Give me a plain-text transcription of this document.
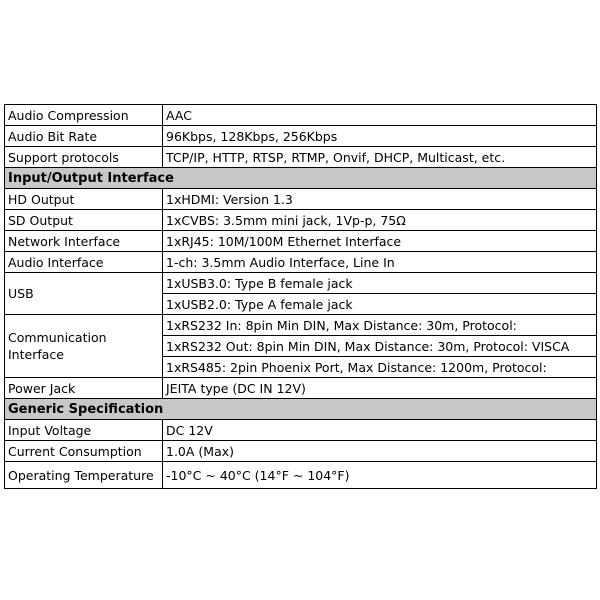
Audio Compression	AAC
Audio Bit Rate	96Kbps, 128Kbps, 256Kbps
Support protocols	TCP/IP, HTTP, RTSP, RTMP, Onvif, DHCP, Multicast, etc.
Input/Output Interface	
HD Output	1xHDMI: Version 1.3
SD Output	1xCVBS: 3.5mm mini jack, 1Vp-p, 75Ω
Network Interface	1xRJ45: 10M/100M Ethernet Interface
Audio Interface	1-ch: 3.5mm Audio Interface, Line In
USB	1xUSB3.0: Type B female jack
	1xUSB2.0: Type A female jack
Communication Interface	1xRS232 In: 8pin Min DIN, Max Distance: 30m, Protocol:
	1xRS232 Out: 8pin Min DIN, Max Distance: 30m, Protocol: VISCA
	1xRS485: 2pin Phoenix Port, Max Distance: 1200m, Protocol:
Power Jack	JEITA type (DC IN 12V)
Generic Specification	
Input Voltage	DC 12V
Current Consumption	1.0A (Max)
Operating Temperature	-10°C ~ 40°C (14°F ~ 104°F)
